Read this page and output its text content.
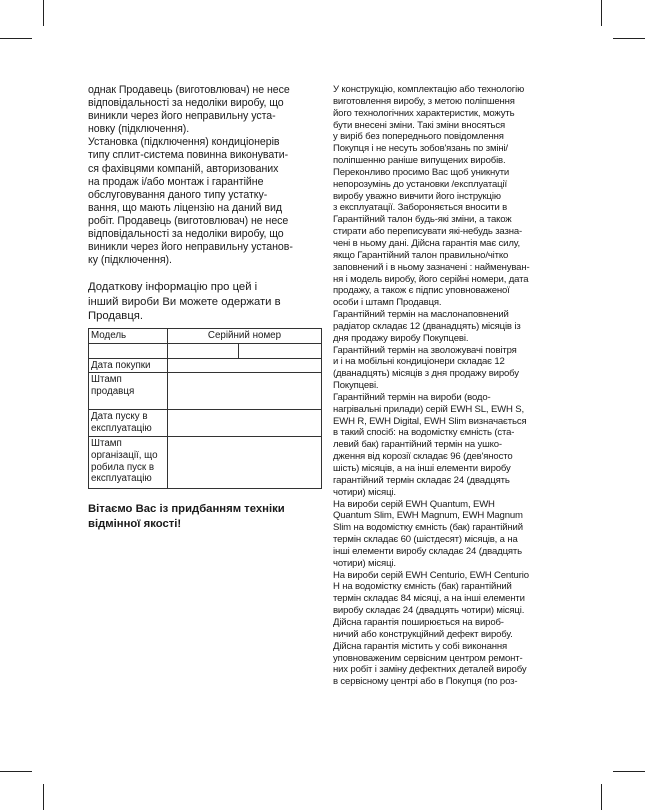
однак Продавець (виготовлювач) не несе
відповідальності за недоліки виробу, що
виникли через його неправильну уста-
новку (підключення).

Установка (підключення) кондиціонерів
типу сплит-система повинна виконувати-
ся фахівцями компаній, авторизованих
на продаж і/або монтаж і гарантійне
обслуговування даного типу устатку-
вання, що мають ліцензію на даний вид
робіт. Продавець (виготовлювач) не несе
відповідальності за недоліки виробу, що
виникли через його неправильну установ-
ку (підключення).

Додаткову інформацію про цей і
інший вироби Ви можете одержати в
Продавця.

Модель	Серійний номер	

Дата покупки		

Штамп
продавця		

Дата пуску в
експлуатацію		

Штамп
організації, що
робила пуск в
експлуатацію		

Вітаємо Вас із придбанням техніки
відмінної якості!

У конструкцію, комплектацію або технологію
виготовлення виробу, з метою поліпшення
його технологічних характеристик, можуть
бути внесені зміни. Такі зміни вносяться
у виріб без попереднього повідомлення
Покупця і не несуть зобов'язань по зміні/
поліпшенню раніше випущених виробів.
Переконливо просимо Вас щоб уникнути
непорозумінь до установки /експлуатації
виробу уважно вивчити його інструкцію
з експлуатації. Забороняється вносити в
Гарантійний талон будь-які зміни, а також
стирати або переписувати які-небудь зазна-
чені в ньому дані. Дійсна гарантія має силу,
якщо Гарантійний талон правильно/чітко
заповнений і в ньому зазначені : найменуван-
ня і модель виробу, його серійні номери, дата
продажу, а також є підпис уповноваженої
особи і штамп Продавця.
Гарантійний термін на маслонаповнений
радіатор складає 12 (дванадцять) місяців із
дня продажу виробу Покупцеві.
Гарантійний термін на зволожувачі повітря
и і на мобільні кондиціонери складає 12
(дванадцять) місяців з дня продажу виробу
Покупцеві.
Гарантійний термін на вироби (водо-
нагрівальні прилади) серій EWH SL, EWH S,
EWH R, EWH Digital, EWH Slim визначається
в такий спосіб: на водомістку ємність (ста-
левий бак) гарантійний термін на ушко-
дження від корозії складає 96 (дев'яносто
шість) місяців, а на інші елементи виробу
гарантійний термін складає 24 (двадцять
чотири) місяці.
На вироби серій EWH Quantum, EWH
Quantum Slim, EWH Magnum, EWH Magnum
Slim на водомістку ємність (бак) гарантійний
термін складає 60 (шістдесят) місяців, а на
інші елементи виробу складає 24 (двадцять
чотири) місяці.
На вироби серій EWH Centurio, EWH Centurio
H на водомістку ємність (бак) гарантійний
термін складає 84 місяці, а на інші елементи
виробу складає 24 (двадцять чотири) місяці.
Дійсна гарантія поширюється на вироб-
ничий або конструкційний дефект виробу.
Дійсна гарантія містить у собі виконання
уповноваженим сервісним центром ремонт-
них робіт і заміну дефектних деталей виробу
в сервісному центрі або в Покупця (по роз-
